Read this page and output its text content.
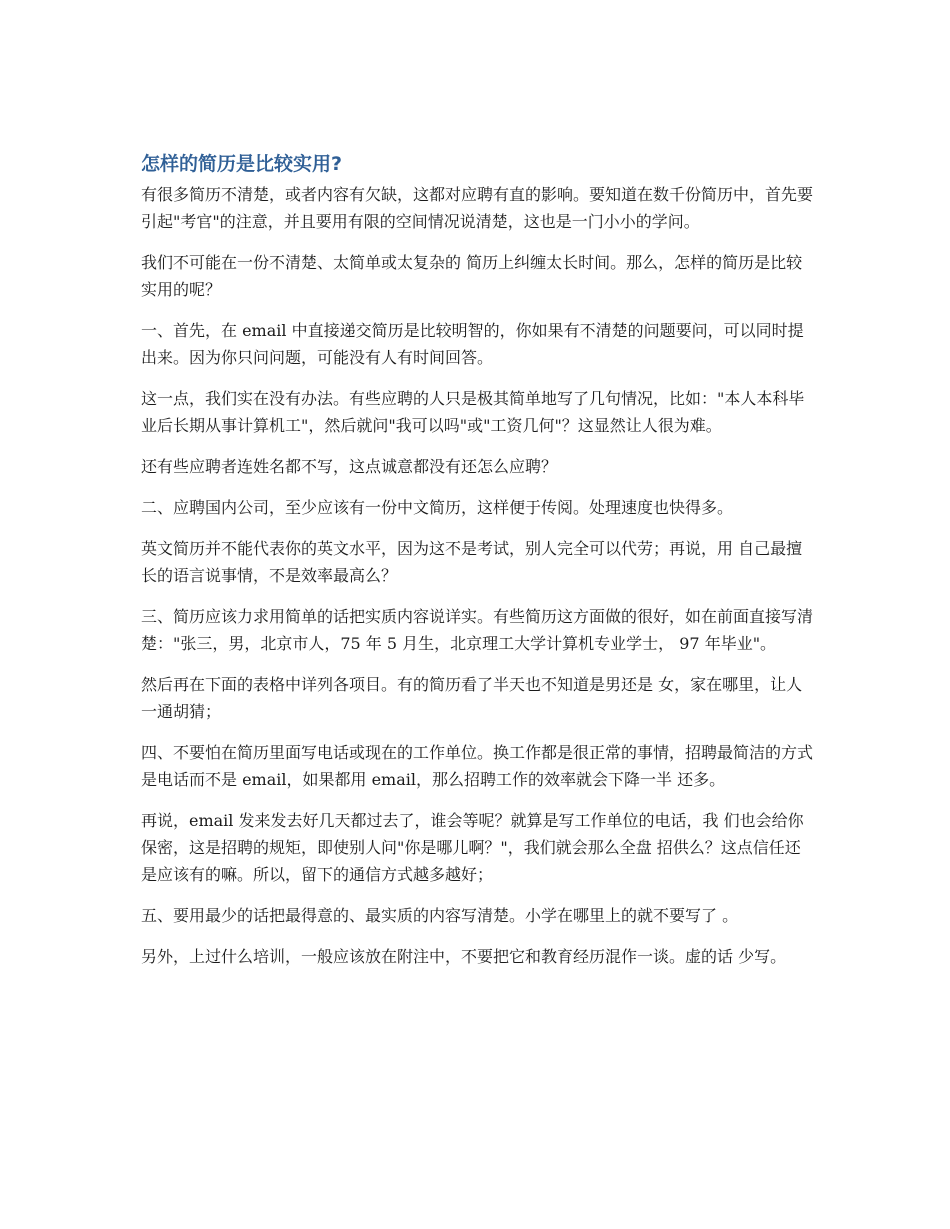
怎样的简历是比较实用?

有很多简历不清楚，或者内容有欠缺，这都对应聘有直的影响。要知道在数千份简历中，首先要引起"考官"的注意，并且要用有限的空间情况说清楚，这也是一门小小的学问。

我们不可能在一份不清楚、太简单或太复杂的 简历上纠缠太长时间。那么，怎样的简历是比较实用的呢？

一、首先，在 email 中直接递交简历是比较明智的，你如果有不清楚的问题要问，可以同时提出来。因为你只问问题，可能没有人有时间回答。

这一点，我们实在没有办法。有些应聘的人只是极其简单地写了几句情况，比如："本人本科毕业后长期从事计算机工"，然后就问"我可以吗"或"工资几何"？这显然让人很为难。

还有些应聘者连姓名都不写，这点诚意都没有还怎么应聘？

二、应聘国内公司，至少应该有一份中文简历，这样便于传阅。处理速度也快得多。

英文简历并不能代表你的英文水平，因为这不是考试，别人完全可以代劳；再说，用 自己最擅长的语言说事情，不是效率最高么？

三、简历应该力求用简单的话把实质内容说详实。有些简历这方面做的很好，如在前面直接写清楚："张三，男，北京市人，75 年 5 月生，北京理工大学计算机专业学士， 97 年毕业"。

然后再在下面的表格中详列各项目。有的简历看了半天也不知道是男还是 女，家在哪里，让人一通胡猜；

四、不要怕在简历里面写电话或现在的工作单位。换工作都是很正常的事情，招聘最简洁的方式是电话而不是 email，如果都用 email，那么招聘工作的效率就会下降一半 还多。

再说，email 发来发去好几天都过去了，谁会等呢？就算是写工作单位的电话，我 们也会给你保密，这是招聘的规矩，即使别人问"你是哪儿啊？"，我们就会那么全盘 招供么？这点信任还是应该有的嘛。所以，留下的通信方式越多越好；

五、要用最少的话把最得意的、最实质的内容写清楚。小学在哪里上的就不要写了 。

另外，上过什么培训，一般应该放在附注中，不要把它和教育经历混作一谈。虚的话 少写。
